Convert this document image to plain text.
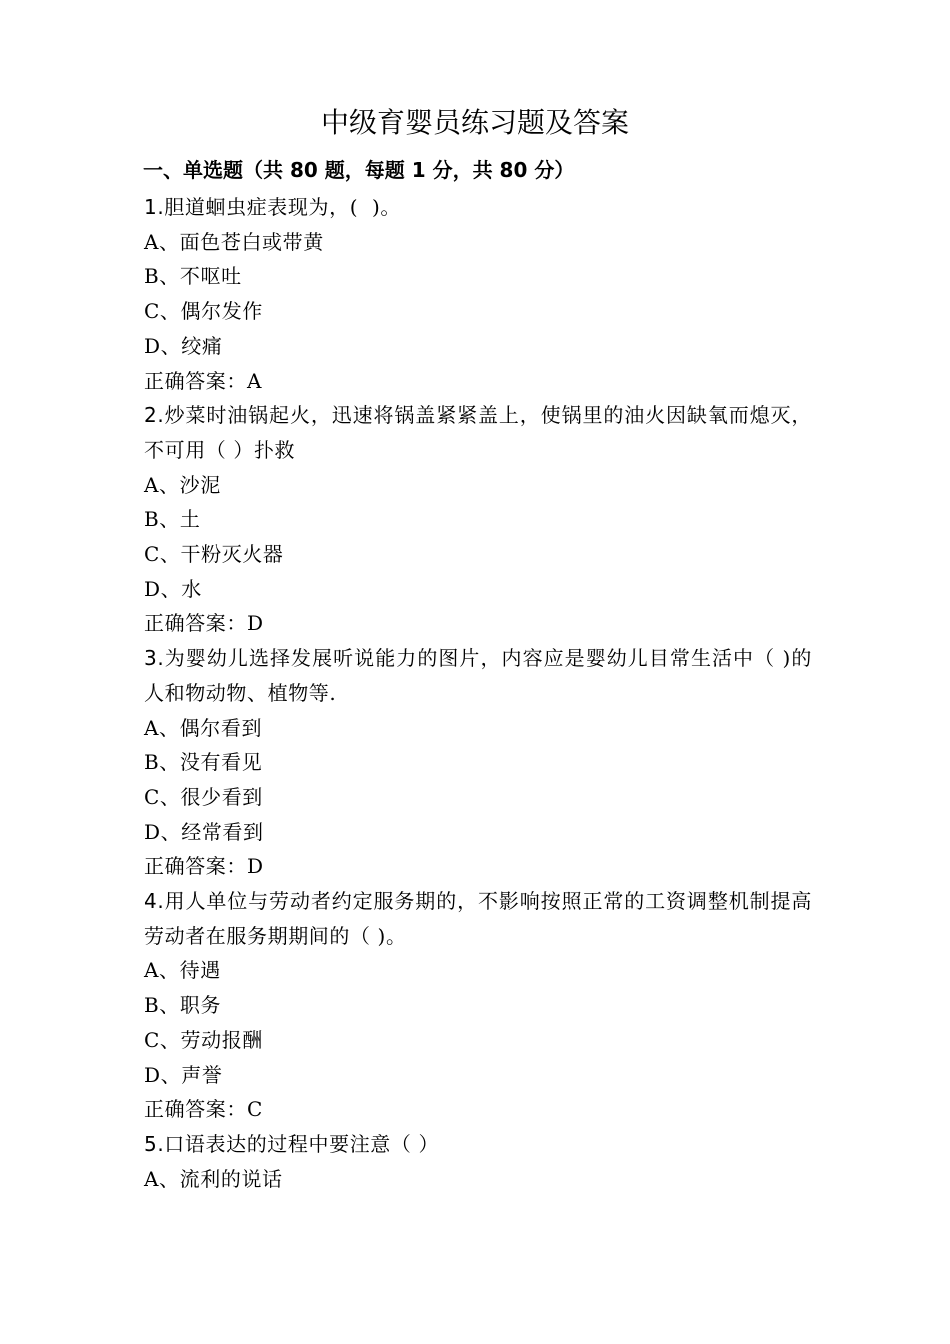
中级育婴员练习题及答案
一、单选题（共 80 题，每题 1 分，共 80 分）
1.胆道蛔虫症表现为，(  )。
A、面色苍白或带黄
B、不呕吐
C、偶尔发作
D、绞痛
正确答案：A
2.炒菜时油锅起火，迅速将锅盖紧紧盖上，使锅里的油火因缺氧而熄灭，不可用（ ）扑救
A、沙泥
B、土
C、干粉灭火器
D、水
正确答案：D
3.为婴幼儿选择发展听说能力的图片，内容应是婴幼儿目常生活中（ )的人和物动物、植物等.
A、偶尔看到
B、没有看见
C、很少看到
D、经常看到
正确答案：D
4.用人单位与劳动者约定服务期的，不影响按照正常的工资调整机制提高劳动者在服务期期间的（ )。
A、待遇
B、职务
C、劳动报酬
D、声誉
正确答案：C
5.口语表达的过程中要注意（ ）
A、流利的说话
